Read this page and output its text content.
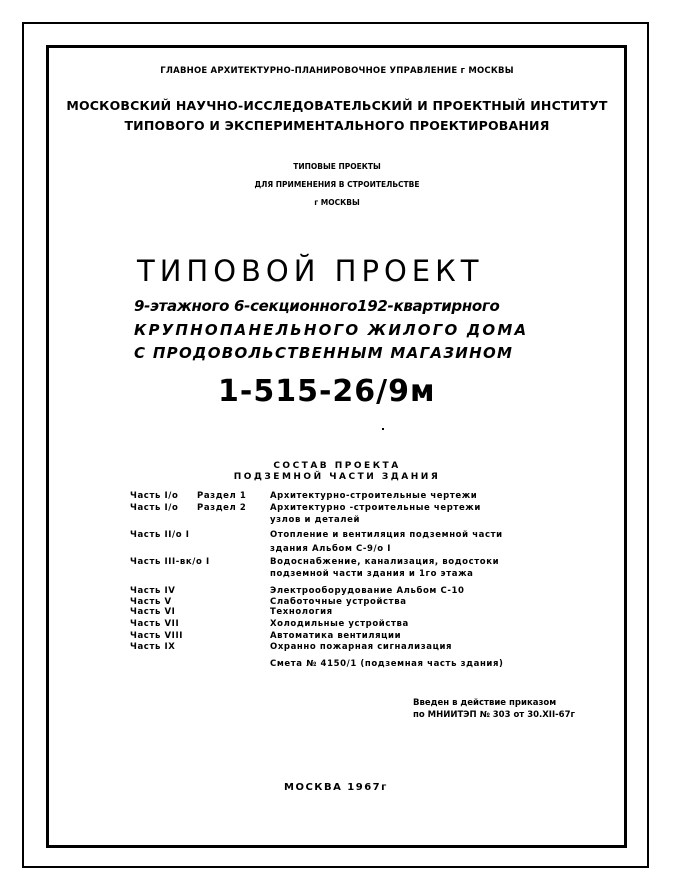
ГЛАВНОЕ АРХИТЕКТУРНО-ПЛАНИРОВОЧНОЕ УПРАВЛЕНИЕ г МОСКВЫ
МОСКОВСКИЙ НАУЧНО-ИССЛЕДОВАТЕЛЬСКИЙ И ПРОЕКТНЫЙ ИНСТИТУТ
ТИПОВОГО И ЭКСПЕРИМЕНТАЛЬНОГО ПРОЕКТИРОВАНИЯ
ТИПОВЫЕ ПРОЕКТЫ
ДЛЯ ПРИМЕНЕНИЯ В СТРОИТЕЛЬСТВЕ
г МОСКВЫ
ТИПОВОЙ ПРОЕКТ
9-этажного 6-секционного192-квартирного
КРУПНОПАНЕЛЬНОГО ЖИЛОГО ДОМА
С ПРОДОВОЛЬСТВЕННЫМ МАГАЗИНОМ
1-515-26/9м
СОСТАВ ПРОЕКТА
ПОДЗЕМНОЙ ЧАСТИ ЗДАНИЯ
Часть I/о Раздел 1	Архитектурно-строительные чертежи
Часть I/о Раздел 2	Архитектурно -строительные чертежи
узлов и деталей
Часть II/о I	Отопление и вентиляция подземной части
здания Альбом С-9/о I
Часть III-вк/о I	Водоснабжение, канализация, водостоки
подземной части здания и 1го этажа
Часть IV	Электрооборудование Альбом С-10
Часть V	Слаботочные устройства
Часть VI	Технология
Часть VII	Холодильные устройства
Часть VIII	Автоматика вентиляции
Часть IX	Охранно пожарная сигнализация
Смета № 4150/1 (подземная часть здания)
Введен в действие приказом
по МНИИТЭП № 303 от 30.XII-67г
МОСКВА 1967г
